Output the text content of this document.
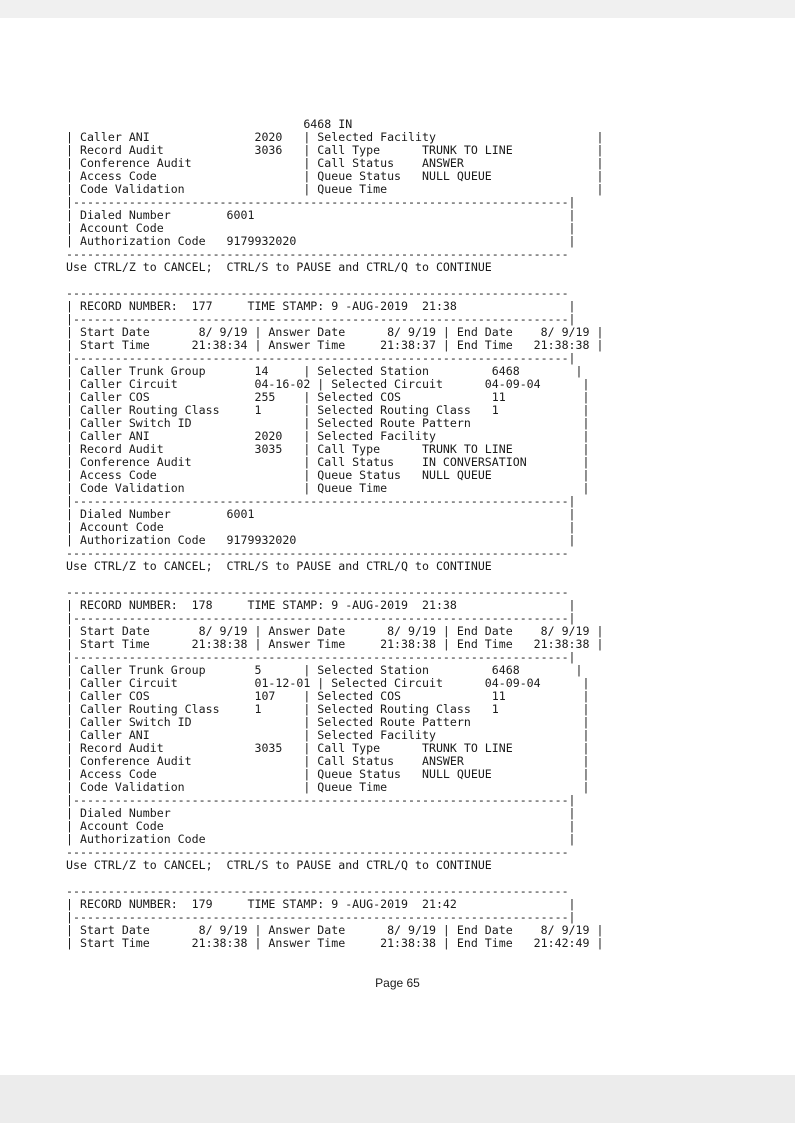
6468 IN
| Caller ANI               2020   | Selected Facility                       |
| Record Audit             3036   | Call Type      TRUNK TO LINE            |
| Conference Audit                | Call Status    ANSWER                   |
| Access Code                     | Queue Status   NULL QUEUE               |
| Code Validation                 | Queue Time                              |
|-----------------------------------------------------------------------|
| Dialed Number        6001                                             |
| Account Code                                                          |
| Authorization Code   9179932020                                       |
------------------------------------------------------------------------
Use CTRL/Z to CANCEL;  CTRL/S to PAUSE and CTRL/Q to CONTINUE
------------------------------------------------------------------------
| RECORD NUMBER:  177     TIME STAMP: 9 -AUG-2019  21:38                |
|-----------------------------------------------------------------------|
| Start Date       8/ 9/19 | Answer Date      8/ 9/19 | End Date    8/ 9/19 |
| Start Time      21:38:34 | Answer Time     21:38:37 | End Time   21:38:38 |
|-----------------------------------------------------------------------|
| Caller Trunk Group       14     | Selected Station         6468        |
| Caller Circuit           04-16-02 | Selected Circuit      04-09-04      |
| Caller COS               255    | Selected COS             11           |
| Caller Routing Class     1      | Selected Routing Class   1            |
| Caller Switch ID                | Selected Route Pattern                |
| Caller ANI               2020   | Selected Facility                     |
| Record Audit             3035   | Call Type      TRUNK TO LINE          |
| Conference Audit                | Call Status    IN CONVERSATION        |
| Access Code                     | Queue Status   NULL QUEUE             |
| Code Validation                 | Queue Time                            |
|-----------------------------------------------------------------------|
| Dialed Number        6001                                             |
| Account Code                                                          |
| Authorization Code   9179932020                                       |
------------------------------------------------------------------------
Use CTRL/Z to CANCEL;  CTRL/S to PAUSE and CTRL/Q to CONTINUE
------------------------------------------------------------------------
| RECORD NUMBER:  178     TIME STAMP: 9 -AUG-2019  21:38                |
|-----------------------------------------------------------------------|
| Start Date       8/ 9/19 | Answer Date      8/ 9/19 | End Date    8/ 9/19 |
| Start Time      21:38:38 | Answer Time     21:38:38 | End Time   21:38:38 |
|-----------------------------------------------------------------------|
| Caller Trunk Group       5      | Selected Station         6468        |
| Caller Circuit           01-12-01 | Selected Circuit      04-09-04      |
| Caller COS               107    | Selected COS             11           |
| Caller Routing Class     1      | Selected Routing Class   1            |
| Caller Switch ID                | Selected Route Pattern                |
| Caller ANI                      | Selected Facility                     |
| Record Audit             3035   | Call Type      TRUNK TO LINE          |
| Conference Audit                | Call Status    ANSWER                 |
| Access Code                     | Queue Status   NULL QUEUE             |
| Code Validation                 | Queue Time                            |
|-----------------------------------------------------------------------|
| Dialed Number                                                         |
| Account Code                                                          |
| Authorization Code                                                    |
------------------------------------------------------------------------
Use CTRL/Z to CANCEL;  CTRL/S to PAUSE and CTRL/Q to CONTINUE
------------------------------------------------------------------------
| RECORD NUMBER:  179     TIME STAMP: 9 -AUG-2019  21:42                |
|-----------------------------------------------------------------------|
| Start Date       8/ 9/19 | Answer Date      8/ 9/19 | End Date    8/ 9/19 |
| Start Time      21:38:38 | Answer Time     21:38:38 | End Time   21:42:49 |
Page 65
